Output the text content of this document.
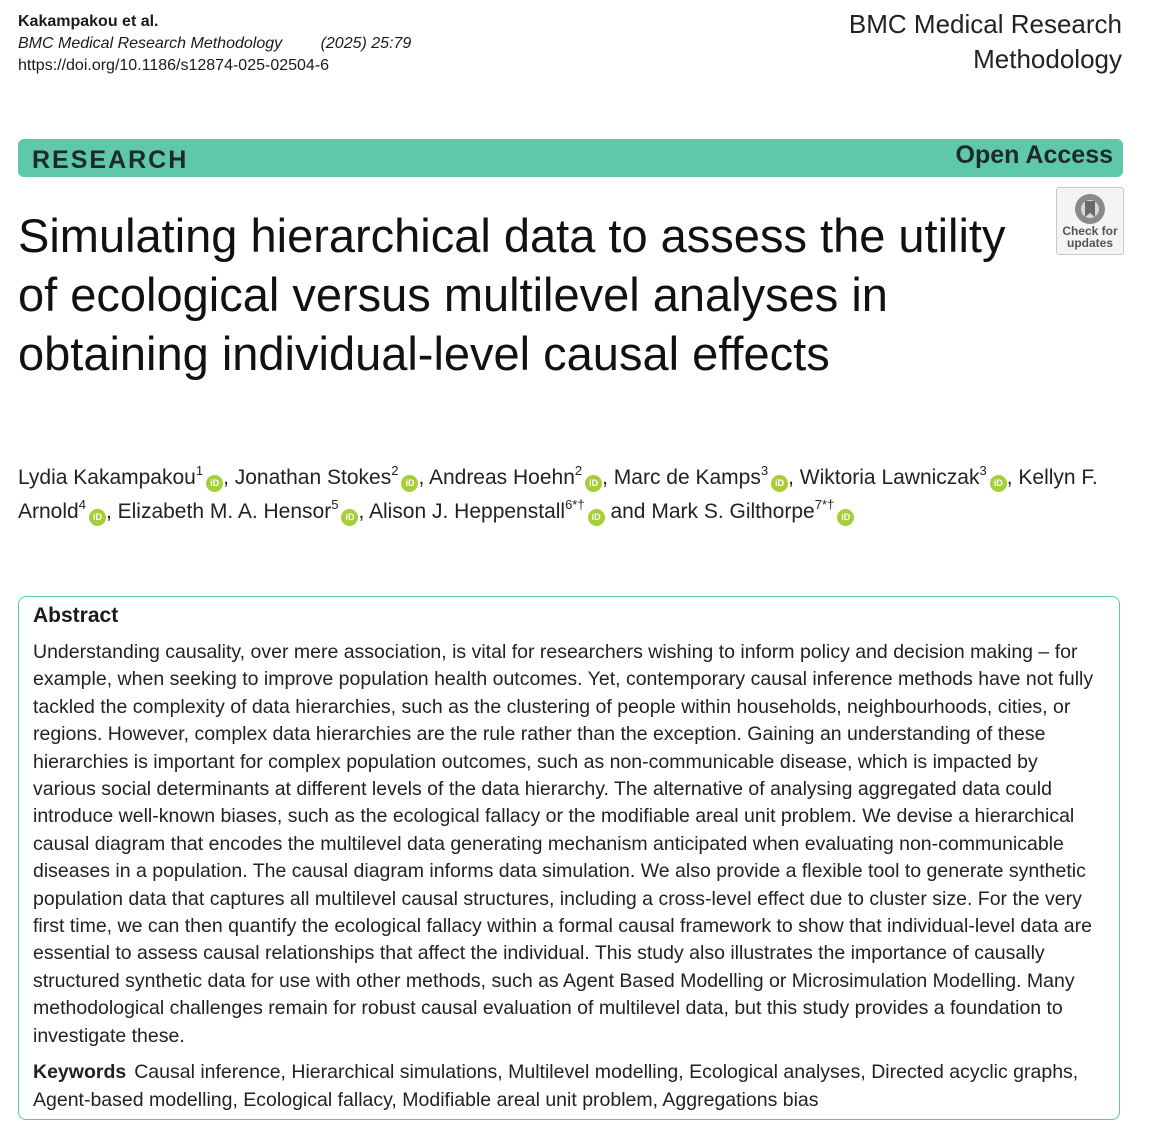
Kakampakou et al.
BMC Medical Research Methodology (2025) 25:79
https://doi.org/10.1186/s12874-025-02504-6
BMC Medical Research
Methodology
RESEARCH	Open Access
Check for
updates
Simulating hierarchical data to assess the utility of ecological versus multilevel analyses in obtaining individual-level causal effects
Lydia Kakampakou$^1$iD , Jonathan Stokes$^2$iD , Andreas Hoehn$^2$iD , Marc de Kamps$^3$iD , Wiktoria Lawniczak$^3$iD , Kellyn F. Arnold$^4$iD , Elizabeth M. A. Hensor$^5$iD , Alison J. Heppenstall$^{6*\dagger}$iD and Mark S. Gilthorpe$^{7*\dagger}$iD
Abstract
Understanding causality, over mere association, is vital for researchers wishing to inform policy and decision making – for example, when seeking to improve population health outcomes. Yet, contemporary causal inference methods have not fully tackled the complexity of data hierarchies, such as the clustering of people within households, neighbourhoods, cities, or regions. However, complex data hierarchies are the rule rather than the exception. Gaining an understanding of these hierarchies is important for complex population outcomes, such as non-communicable disease, which is impacted by various social determinants at different levels of the data hierarchy. The alternative of analysing aggregated data could introduce well-known biases, such as the ecological fallacy or the modifiable areal unit problem. We devise a hierarchical causal diagram that encodes the multilevel data generating mechanism anticipated when evaluating non-communicable diseases in a population. The causal diagram informs data simulation. We also provide a flexible tool to generate synthetic population data that captures all multilevel causal structures, including a cross-level effect due to cluster size. For the very first time, we can then quantify the ecological fallacy within a formal causal framework to show that individual-level data are essential to assess causal relationships that affect the individual. This study also illustrates the importance of causally structured synthetic data for use with other methods, such as Agent Based Modelling or Microsimulation Modelling. Many methodological challenges remain for robust causal evaluation of multilevel data, but this study provides a foundation to investigate these.
Keywords Causal inference, Hierarchical simulations, Multilevel modelling, Ecological analyses, Directed acyclic graphs, Agent-based modelling, Ecological fallacy, Modifiable areal unit problem, Aggregations bias
